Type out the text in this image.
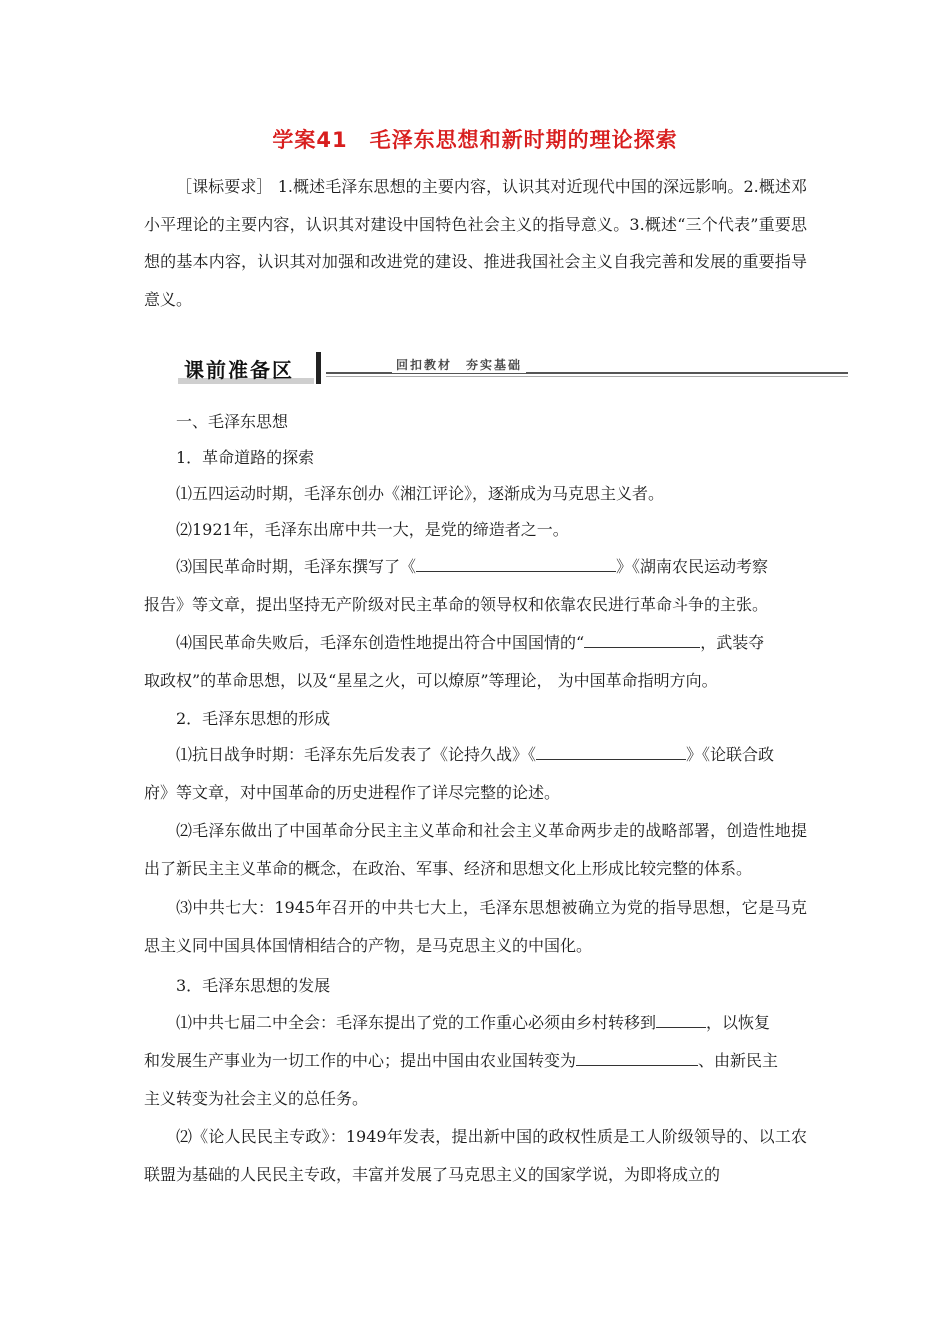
学案41　毛泽东思想和新时期的理论探索

［课标要求］ 1.概述毛泽东思想的主要内容，认识其对近现代中国的深远影响。2.概述邓小平理论的主要内容，认识其对建设中国特色社会主义的指导意义。3.概述“三个代表”重要思想的基本内容，认识其对加强和改进党的建设、推进我国社会主义自我完善和发展的重要指导意义。

课前准备区	回扣教材　夯实基础
一、毛泽东思想
1．革命道路的探索
⑴五四运动时期，毛泽东创办《湘江评论》，逐渐成为马克思主义者。
⑵1921年，毛泽东出席中共一大，是党的缔造者之一。
⑶国民革命时期，毛泽东撰写了《	》《湖南农民运动考察
报告》等文章，提出坚持无产阶级对民主革命的领导权和依靠农民进行革命斗争的主张。
⑷国民革命失败后，毛泽东创造性地提出符合中国国情的“	，武装夺
取政权”的革命思想，以及“星星之火，可以燎原”等理论， 为中国革命指明方向。
2．毛泽东思想的形成
⑴抗日战争时期：毛泽东先后发表了《论持久战》《	》《论联合政
府》等文章，对中国革命的历史进程作了详尽完整的论述。

⑵毛泽东做出了中国革命分民主主义革命和社会主义革命两步走的战略部署，创造性地提出了新民主主义革命的概念，在政治、军事、经济和思想文化上形成比较完整的体系。

⑶中共七大：1945年召开的中共七大上，毛泽东思想被确立为党的指导思想，它是马克思主义同中国具体国情相结合的产物，是马克思主义的中国化。

3．毛泽东思想的发展
⑴中共七届二中全会：毛泽东提出了党的工作重心必须由乡村转移到	，以恢复
和发展生产事业为一切工作的中心；提出中国由农业国转变为	、由新民主
主义转变为社会主义的总任务。

⑵《论人民民主专政》：1949年发表，提出新中国的政权性质是工人阶级领导的、以工农联盟为基础的人民民主专政，丰富并发展了马克思主义的国家学说，为即将成立的
